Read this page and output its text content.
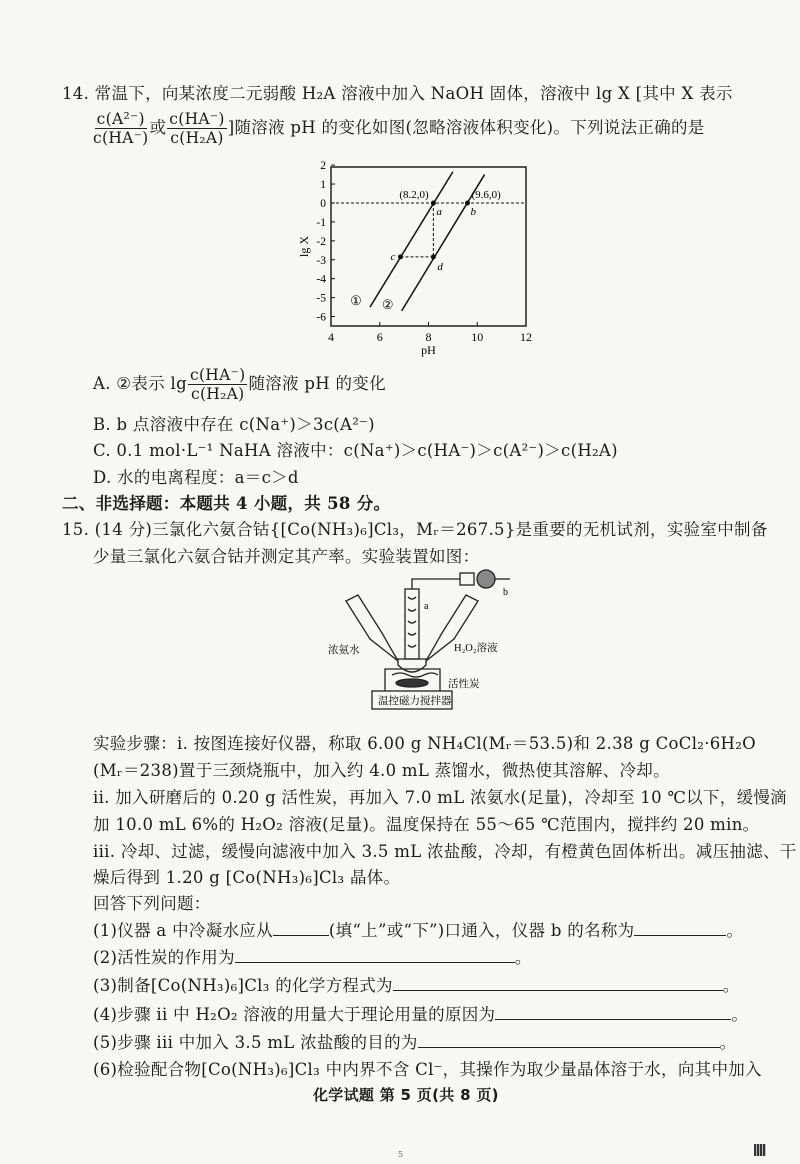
14. 常温下，向某浓度二元弱酸 H₂A 溶液中加入 NaOH 固体，溶液中 lg X [其中 X 表示
$\frac{\text{c(A²⁻)}}{c(HA^-)}$ 或 $\frac{c(HA^-)}{\text{c(H₂A)}}$ ]随溶液 pH 的变化如图(忽略溶液体积变化)。下列说法正确的是
4	6	8	10	12
2
1
0
-1
-2
-3
-4
-5
-6
pH
lg X
① ②
a
(8.2,0)
b
(9.6,0)
c
d
A. ②表示 $\lg \frac{c(HA^-)}{\text{c(H₂A)}}$ 随溶液 pH 的变化
B. b 点溶液中存在 c(Na⁺)＞3c(A²⁻)
C. 0.1 mol·L⁻¹ NaHA 溶液中：c(Na⁺)＞c(HA⁻)＞c(A²⁻)＞c(H₂A)
D. 水的电离程度：a＝c＞d
二、非选择题：本题共 4 小题，共 58 分。
15. (14 分)三氯化六氨合钴{[Co(NH₃)₆]Cl₃，Mᵣ＝267.5}是重要的无机试剂，实验室中制备
少量三氯化六氨合钴并测定其产率。实验装置如图：
a
b
浓氨水	H₂O₂溶液
活性炭
温控磁力搅拌器
实验步骤：i. 按图连接好仪器，称取 6.00 g NH₄Cl(Mᵣ＝53.5)和 2.38 g CoCl₂·6H₂O
(Mᵣ＝238)置于三颈烧瓶中，加入约 4.0 mL 蒸馏水，微热使其溶解、冷却。
ii. 加入研磨后的 0.20 g 活性炭，再加入 7.0 mL 浓氨水(足量)，冷却至 10 ℃以下，缓慢滴
加 10.0 mL 6%的 H₂O₂ 溶液(足量)。温度保持在 55～65 ℃范围内，搅拌约 20 min。
iii. 冷却、过滤，缓慢向滤液中加入 3.5 mL 浓盐酸，冷却，有橙黄色固体析出。减压抽滤、干
燥后得到 1.20 g [Co(NH₃)₆]Cl₃ 晶体。
回答下列问题：
(1)仪器 a 中冷凝水应从	(填“上”或“下”)口通入，仪器 b 的名称为	。
(2)活性炭的作用为	。
(3)制备[Co(NH₃)₆]Cl₃ 的化学方程式为	。
(4)步骤 ii 中 H₂O₂ 溶液的用量大于理论用量的原因为	。
(5)步骤 iii 中加入 3.5 mL 浓盐酸的目的为	。
(6)检验配合物[Co(NH₃)₆]Cl₃ 中内界不含 Cl⁻，其操作为取少量晶体溶于水，向其中加入
化学试题 第 5 页(共 8 页)
5
